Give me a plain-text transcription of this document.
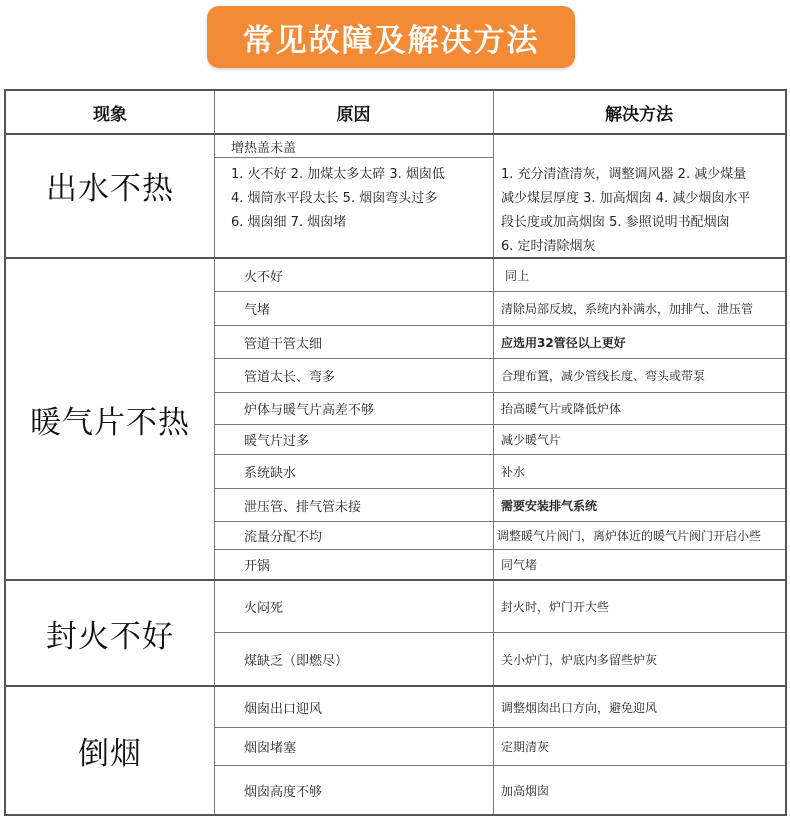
常见故障及解决方法
现象	原因	解决方法
出水不热
增热盖未盖
1. 火不好 2. 加煤太多太碎 3. 烟囱低
4. 烟筒水平段太长 5. 烟囱弯头过多
6. 烟囱细 7. 烟囱堵
1. 充分清渣清灰，调整调风器 2. 减少煤量
减少煤层厚度 3. 加高烟囱 4. 减少烟囱水平
段长度或加高烟囱 5. 参照说明书配烟囱
6. 定时清除烟灰
暖气片不热
火不好	同上
气堵	清除局部反坡，系统内补满水，加排气、泄压管
管道干管太细	应选用32管径以上更好
管道太长、弯多	合理布置，减少管线长度、弯头或带泵
炉体与暖气片高差不够	抬高暖气片或降低炉体
暖气片过多	减少暖气片
系统缺水	补水
泄压管、排气管未接	需要安装排气系统
流量分配不均	调整暖气片阀门，离炉体近的暖气片阀门开启小些
开锅	同气堵
封火不好
火闷死	封火时，炉门开大些
煤缺乏（即燃尽）	关小炉门，炉底内多留些炉灰
倒烟
烟囱出口迎风	调整烟囱出口方向，避免迎风
烟囱堵塞	定期清灰
烟囱高度不够	加高烟囱
